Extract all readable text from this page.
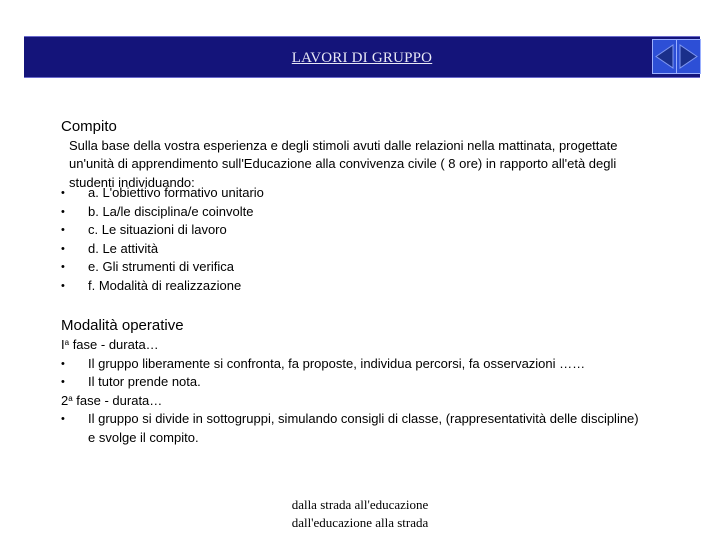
LAVORI DI GRUPPO
Compito
Sulla base della vostra esperienza e degli stimoli avuti dalle relazioni nella mattinata, progettate
un'unità di apprendimento sull'Educazione alla convivenza civile ( 8 ore) in rapporto all'età degli
studenti individuando:
• a. L'obiettivo formativo unitario
• b. La/le disciplina/e coinvolte
• c. Le situazioni di lavoro
• d. Le attività
• e. Gli strumenti di verifica
• f. Modalità di realizzazione
Modalità operative
$I^a$ fase - durata…
• Il gruppo liberamente si confronta, fa proposte, individua percorsi, fa osservazioni ……
• Il tutor prende nota.
2$^a$ fase - durata…
• Il gruppo si divide in sottogruppi, simulando consigli di classe, (rappresentatività delle discipline)
e svolge il compito.
dalla strada all'educazione
dall'educazione alla strada
